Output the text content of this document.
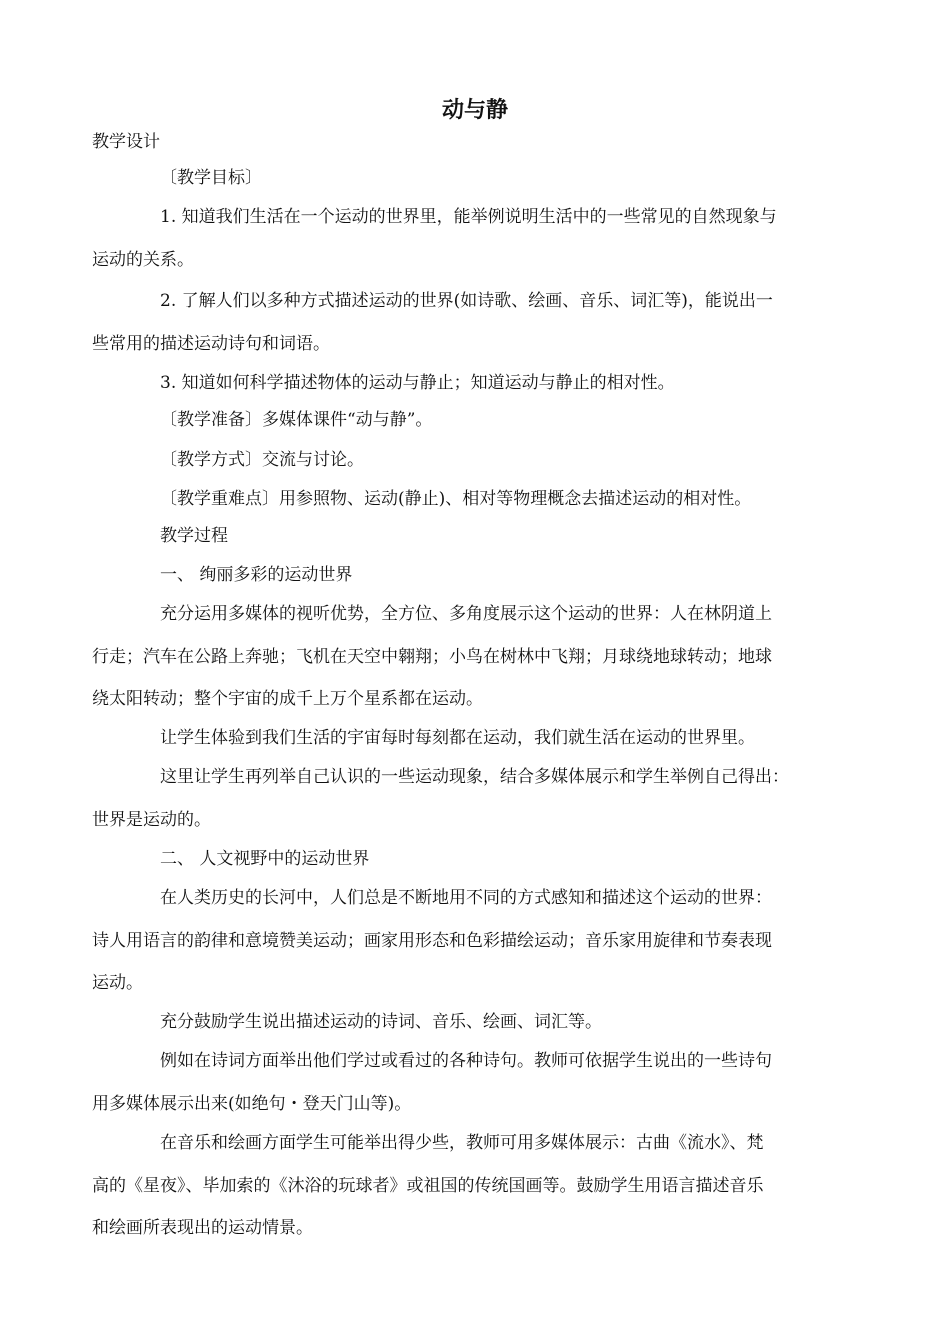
动与静
教学设计
〔教学目标〕
1. 知道我们生活在一个运动的世界里，能举例说明生活中的一些常见的自然现象与
运动的关系。
2. 了解人们以多种方式描述运动的世界(如诗歌、绘画、音乐、词汇等)，能说出一
些常用的描述运动诗句和词语。
3. 知道如何科学描述物体的运动与静止；知道运动与静止的相对性。
〔教学准备〕多媒体课件“动与静”。
〔教学方式〕交流与讨论。
〔教学重难点〕用参照物、运动(静止)、相对等物理概念去描述运动的相对性。
教学过程
一、 绚丽多彩的运动世界
充分运用多媒体的视听优势，全方位、多角度展示这个运动的世界：人在林阴道上
行走；汽车在公路上奔驰；飞机在天空中翱翔；小鸟在树林中飞翔；月球绕地球转动；地球
绕太阳转动；整个宇宙的成千上万个星系都在运动。
让学生体验到我们生活的宇宙每时每刻都在运动，我们就生活在运动的世界里。
这里让学生再列举自己认识的一些运动现象，结合多媒体展示和学生举例自己得出：
世界是运动的。
二、 人文视野中的运动世界
在人类历史的长河中，人们总是不断地用不同的方式感知和描述这个运动的世界：
诗人用语言的韵律和意境赞美运动；画家用形态和色彩描绘运动；音乐家用旋律和节奏表现
运动。
充分鼓励学生说出描述运动的诗词、音乐、绘画、词汇等。
例如在诗词方面举出他们学过或看过的各种诗句。教师可依据学生说出的一些诗句
用多媒体展示出来(如绝句・登天门山等)。
在音乐和绘画方面学生可能举出得少些，教师可用多媒体展示：古曲《流水》、梵
高的《星夜》、毕加索的《沐浴的玩球者》或祖国的传统国画等。鼓励学生用语言描述音乐
和绘画所表现出的运动情景。
